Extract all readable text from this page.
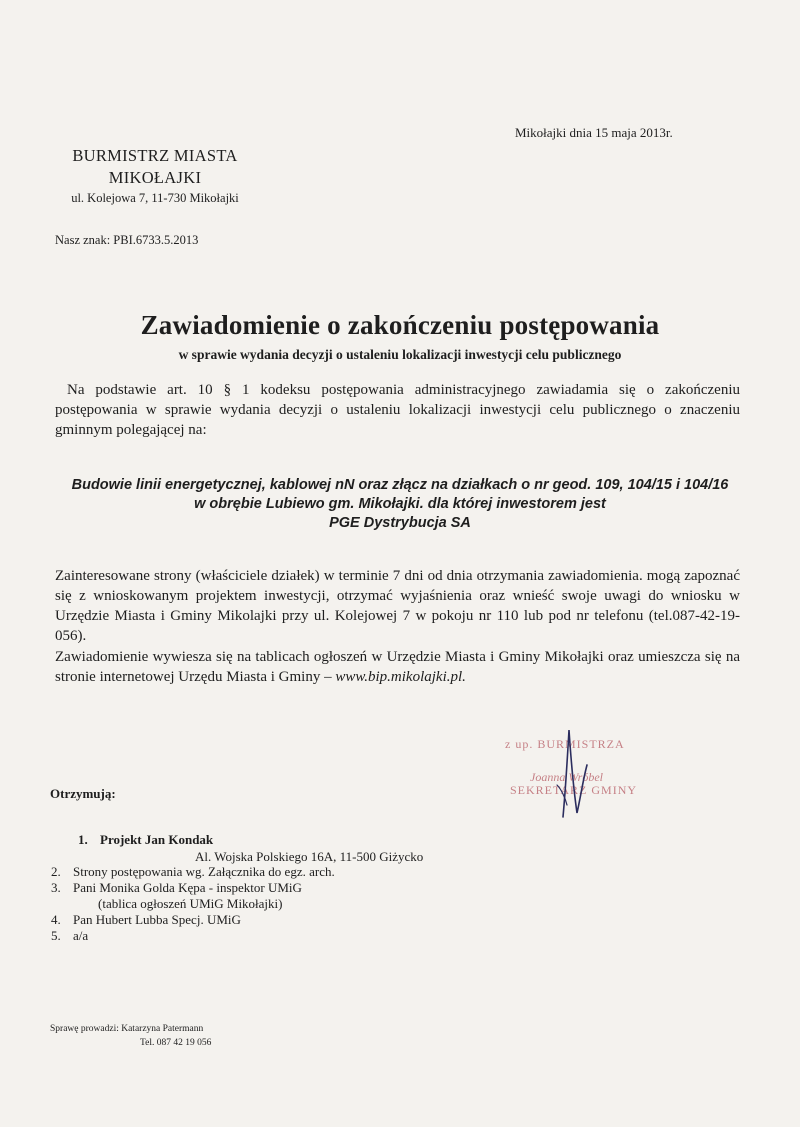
Mikołajki dnia 15 maja 2013r.
BURMISTRZ MIASTA
MIKOŁAJKI
ul. Kolejowa 7, 11-730 Mikołajki
Nasz znak: PBI.6733.5.2013
Zawiadomienie o zakończeniu postępowania
w sprawie wydania decyzji o ustaleniu lokalizacji inwestycji celu publicznego
Na podstawie art. 10 § 1 kodeksu postępowania administracyjnego zawiadamia się o zakończeniu postępowania w sprawie wydania decyzji o ustaleniu lokalizacji inwestycji celu publicznego o znaczeniu gminnym polegającej na:
Budowie linii energetycznej, kablowej nN oraz złącz na działkach o nr geod. 109, 104/15 i 104/16
w obrębie Lubiewo gm. Mikołajki. dla której inwestorem jest
PGE Dystrybucja SA
Zainteresowane strony (właściciele działek) w terminie 7 dni od dnia otrzymania zawiadomienia. mogą zapoznać się z wnioskowanym projektem inwestycji, otrzymać wyjaśnienia oraz wnieść swoje uwagi do wniosku w Urzędzie Miasta i Gminy Mikolajki przy ul. Kolejowej 7 w pokoju nr 110 lub pod nr telefonu (tel.087-42-19-056).
Zawiadomienie wywiesza się na tablicach ogłoszeń w Urzędzie Miasta i Gminy Mikołajki oraz umieszcza się na stronie internetowej Urzędu Miasta i Gminy – www.bip.mikolajki.pl.
z up. BURMISTRZA
Joanna Wróbel
SEKRETARZ GMINY
Otrzymują:
1. Projekt Jan Kondak
Al. Wojska Polskiego 16A, 11-500 Giżycko
2. Strony postępowania wg. Załącznika do egz. arch.
3. Pani Monika Golda Kępa - inspektor UMiG
(tablica ogłoszeń UMiG Mikołajki)
4. Pan Hubert Lubba Specj. UMiG
5. a/a
Sprawę prowadzi: Katarzyna Patermann
Tel. 087 42 19 056
